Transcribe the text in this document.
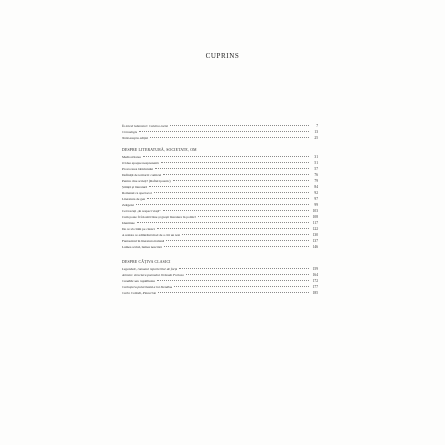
CUPRINS
În micul laborator: Calvino eseist	7
Cronologie	13
Notă asupra ediției	25
DESPRE LITERATURĂ, SOCIETATE, OM
Mediocritatea	31
O idee epoque neaprezentă	51
Provocarea labirintului	57
Definiții de teritorii: comicul	76
Pentru cine scrieți? (Raftul ipotetic)	79
Știință și literatură	84
Romanul ca spectacol	92
Literatura de gen	97
Zeitgeist	99
Cei trecuți „în respect viață”	103
Cum poate fi folosită bine și greșit literatura în politică	108
Identitate	117
De ce să citim pe clasici	122
A rezista ce admirând mod de a citi un text	130
Fantasticul în literatura italiană	137
Lumea scrisă, lumea nescrisă	146
DESPRE CÂȚIVA CLASICI
Legendele, romanul reporterilor de forță	159
Ariosto: structura poemului Orlando Furioso	164
Candide sau rapiditatea	172
Cartușiera pulverizată a lui Stendhal	177
Carlo Collodi, Pinocchio	185
